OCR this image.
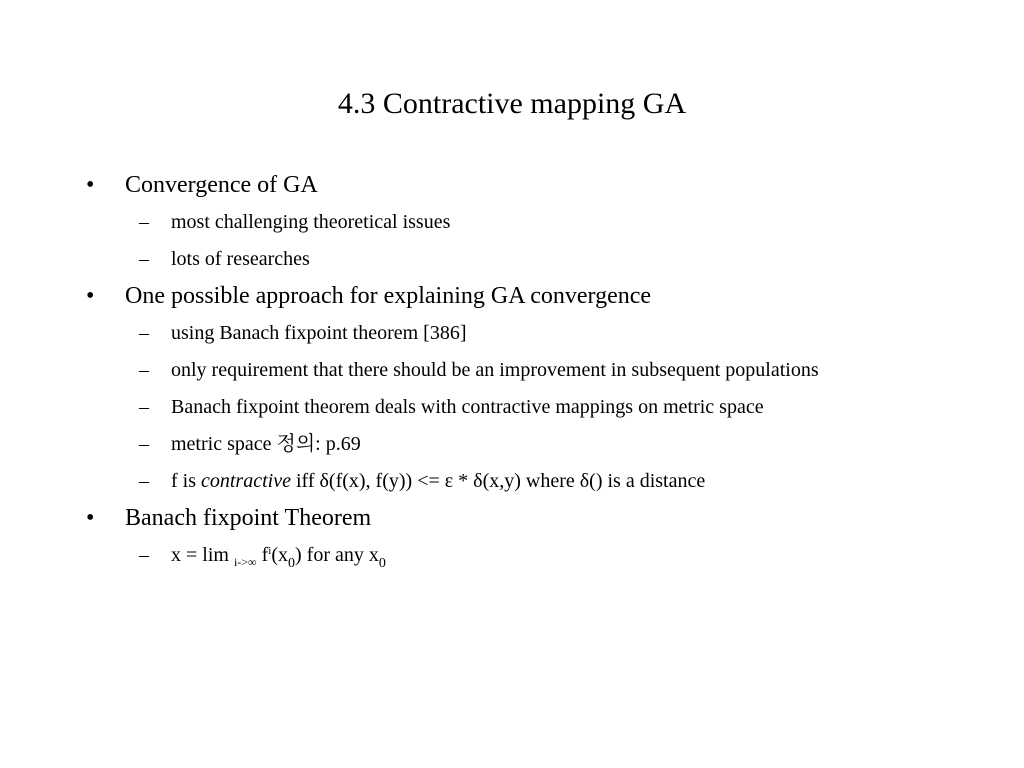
4.3 Contractive mapping GA
• Convergence of GA
– most challenging theoretical issues
– lots of researches
• One possible approach for explaining GA convergence
– using Banach fixpoint theorem [386]
– only requirement that there should be an improvement in subsequent populations
– Banach fixpoint theorem deals with contractive mappings on metric space
– metric space 정의: p.69
– f is contractive iff δ(f(x), f(y)) <= ε * δ(x,y) where δ() is a distance
• Banach fixpoint Theorem
– x = lim $_{i->\infty}$ $f^i(x_0)$ for any $x_0$
